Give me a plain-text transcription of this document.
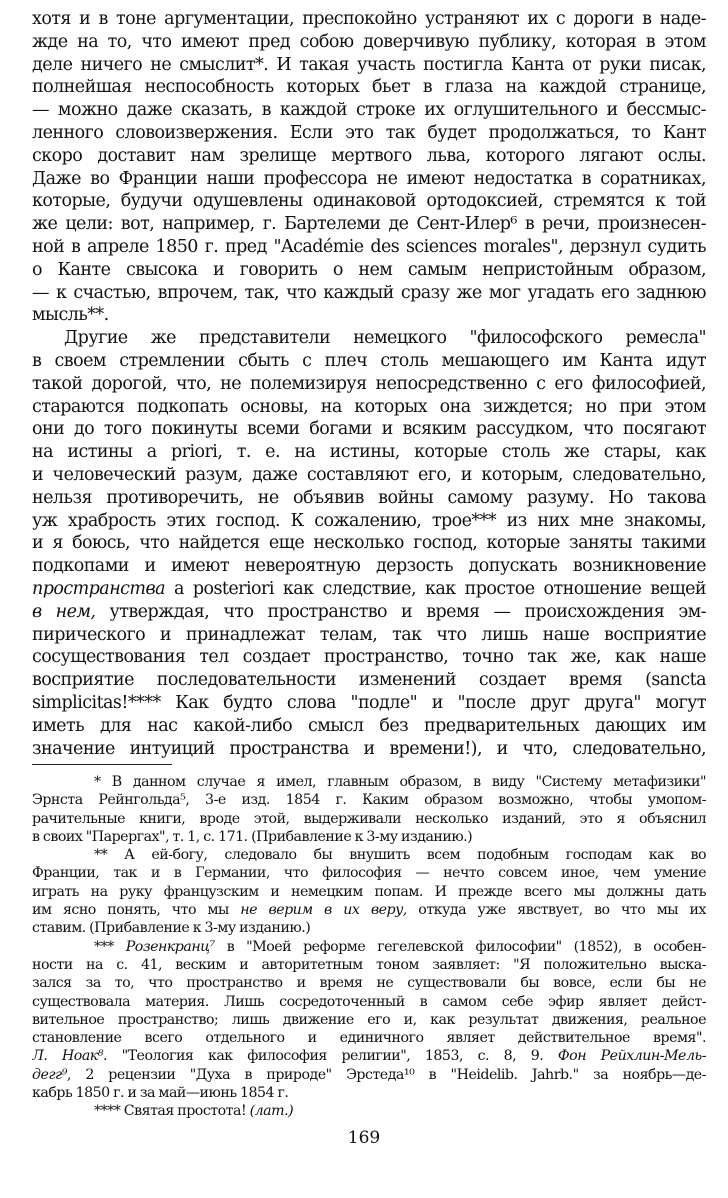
хотя и в тоне аргументации, преспокойно устраняют их с дороги в наде-
жде на то, что имеют пред собою доверчивую публику, которая в этом
деле ничего не смыслит*. И такая участь постигла Канта от руки писак,
полнейшая неспособность которых бьет в глаза на каждой странице,
— можно даже сказать, в каждой строке их оглушительного и бессмыс-
ленного словоизвержения. Если это так будет продолжаться, то Кант
скоро доставит нам зрелище мертвого льва, которого лягают ослы.
Даже во Франции наши профессора не имеют недостатка в соратниках,
которые, будучи одушевлены одинаковой ортодоксией, стремятся к той
же цели: вот, например, г. Бартелеми де Сент-Илер⁶ в речи, произнесен-
ной в апреле 1850 г. пред "Académie des sciences morales", дерзнул судить
о Канте свысока и говорить о нем самым непристойным образом,
— к счастью, впрочем, так, что каждый сразу же мог угадать его заднюю
мысль**.
Другие же представители немецкого "философского ремесла"
в своем стремлении сбыть с плеч столь мешающего им Канта идут
такой дорогой, что, не полемизируя непосредственно с его философией,
стараются подкопать основы, на которых она зиждется; но при этом
они до того покинуты всеми богами и всяким рассудком, что посягают
на истины a priori, т. е. на истины, которые столь же стары, как
и человеческий разум, даже составляют его, и которым, следовательно,
нельзя противоречить, не объявив войны самому разуму. Но такова
уж храбрость этих господ. К сожалению, трое*** из них мне знакомы,
и я боюсь, что найдется еще несколько господ, которые заняты такими
подкопами и имеют невероятную дерзость допускать возникновение
пространства a posteriori как следствие, как простое отношение вещей
в нем, утверждая, что пространство и время — происхождения эм-
пирического и принадлежат телам, так что лишь наше восприятие
сосуществования тел создает пространство, точно так же, как наше
восприятие последовательности изменений создает время (sancta
simplicitas!**** Как будто слова "подле" и "после друг друга" могут
иметь для нас какой-либо смысл без предварительных дающих им
значение интуиций пространства и времени!), и что, следовательно,
* В данном случае я имел, главным образом, в виду "Систему метафизики"
Эрнста Рейнгольда⁵, 3-е изд. 1854 г. Каким образом возможно, чтобы умопом-
рачительные книги, вроде этой, выдерживали несколько изданий, это я объяснил
в своих "Парергах", т. 1, с. 171. (Прибавление к 3-му изданию.)
** А ей-богу, следовало бы внушить всем подобным господам как во
Франции, так и в Германии, что философия — нечто совсем иное, чем умение
играть на руку французским и немецким попам. И прежде всего мы должны дать
им ясно понять, что мы не верим в их веру, откуда уже явствует, во что мы их
ставим. (Прибавление к 3-му изданию.)
*** Розенкранц⁷ в "Моей реформе гегелевской философии" (1852), в особен-
ности на с. 41, веским и авторитетным тоном заявляет: "Я положительно выска-
зался за то, что пространство и время не существовали бы вовсе, если бы не
существовала материя. Лишь сосредоточенный в самом себе эфир являет дейст-
вительное пространство; лишь движение его и, как результат движения, реальное
становление всего отдельного и единичного являет действительное время".
Л. Ноак⁸. "Теология как философия религии", 1853, с. 8, 9. Фон Рейхлин-Мель-
дегг⁹, 2 рецензии "Духа в природе" Эрстеда¹⁰ в "Heidelib. Jahrb." за ноябрь—де-
кабрь 1850 г. и за май—июнь 1854 г.
**** Святая простота! (лат.)
169
